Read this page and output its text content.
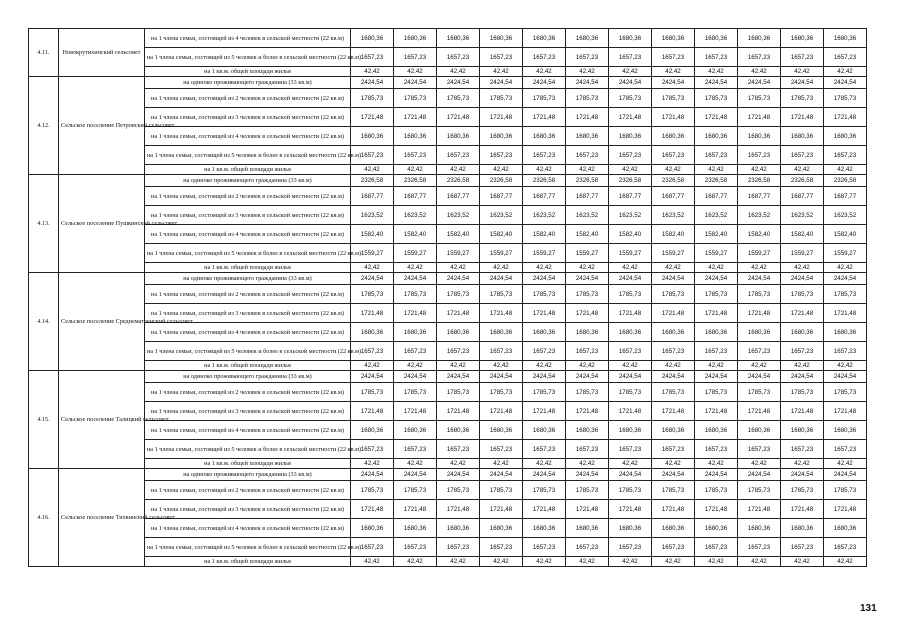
4.11.	Новокрутихинский сельсовет	на 1 члена семьи, состоящей из 4 человек в сельской местности (22 кв.м)	1680,36	1680,36	1680,36	1680,36	1680,36	1680,36	1680,36	1680,36	1680,36	1680,36	1680,36	1680,36
		на 1 члена семьи, состоящей из 5 человек и более в сельской местности (22 кв.м)	1657,23	1657,23	1657,23	1657,23	1657,23	1657,23	1657,23	1657,23	1657,23	1657,23	1657,23	1657,23
		на 1 кв.м. общей площади жилья	42,42	42,42	42,42	42,42	42,42	42,42	42,42	42,42	42,42	42,42	42,42	42,42
4.12.	Сельское поселение Петровский сельсовет	на одиноко проживающего гражданина (33 кв.м)	2424,54	2424,54	2424,54	2424,54	2424,54	2424,54	2424,54	2424,54	2424,54	2424,54	2424,54	2424,54
		на 1 члена семьи, состоящей из 2 человек в сельской местности (22 кв.м)	1785,73	1785,73	1785,73	1785,73	1785,73	1785,73	1785,73	1785,73	1785,73	1785,73	1785,73	1785,73
		на 1 члена семьи, состоящей из 3 человек в сельской местности (22 кв.м)	1721,48	1721,48	1721,48	1721,48	1721,48	1721,48	1721,48	1721,48	1721,48	1721,48	1721,48	1721,48
		на 1 члена семьи, состоящей из 4 человек в сельской местности (22 кв.м)	1680,36	1680,36	1680,36	1680,36	1680,36	1680,36	1680,36	1680,36	1680,36	1680,36	1680,36	1680,36
		на 1 члена семьи, состоящей из 5 человек и более в сельской местности (22 кв.м)	1657,23	1657,23	1657,23	1657,23	1657,23	1657,23	1657,23	1657,23	1657,23	1657,23	1657,23	1657,23
		на 1 кв.м. общей площади жилья	42,42	42,42	42,42	42,42	42,42	42,42	42,42	42,42	42,42	42,42	42,42	42,42
4.13.	Сельское поселение Пушкинский сельсовет	на одиноко проживающего гражданина (33 кв.м)	2326,58	2326,58	2326,58	2326,58	2326,58	2326,58	2326,58	2326,58	2326,58	2326,58	2326,58	2326,58
		на 1 члена семьи, состоящей из 2 человек в сельской местности (22 кв.м)	1687,77	1687,77	1687,77	1687,77	1687,77	1687,77	1687,77	1687,77	1687,77	1687,77	1687,77	1687,77
		на 1 члена семьи, состоящей из 3 человек в сельской местности (22 кв.м)	1623,52	1623,52	1623,52	1623,52	1623,52	1623,52	1623,52	1623,52	1623,52	1623,52	1623,52	1623,52
		на 1 члена семьи, состоящей из 4 человек в сельской местности (22 кв.м)	1582,40	1582,40	1582,40	1582,40	1582,40	1582,40	1582,40	1582,40	1582,40	1582,40	1582,40	1582,40
		на 1 члена семьи, состоящей из 5 человек и более в сельской местности (22 кв.м)	1559,27	1559,27	1559,27	1559,27	1559,27	1559,27	1559,27	1559,27	1559,27	1559,27	1559,27	1559,27
		на 1 кв.м. общей площади жилья	42,42	42,42	42,42	42,42	42,42	42,42	42,42	42,42	42,42	42,42	42,42	42,42
4.14.	Сельское поселение Среднематренский сельсовет	на одиноко проживающего гражданина (33 кв.м)	2424,54	2424,54	2424,54	2424,54	2424,54	2424,54	2424,54	2424,54	2424,54	2424,54	2424,54	2424,54
		на 1 члена семьи, состоящей из 2 человек в сельской местности (22 кв.м)	1785,73	1785,73	1785,73	1785,73	1785,73	1785,73	1785,73	1785,73	1785,73	1785,73	1785,73	1785,73
		на 1 члена семьи, состоящей из 3 человек в сельской местности (22 кв.м)	1721,48	1721,48	1721,48	1721,48	1721,48	1721,48	1721,48	1721,48	1721,48	1721,48	1721,48	1721,48
		на 1 члена семьи, состоящей из 4 человек в сельской местности (22 кв.м)	1680,36	1680,36	1680,36	1680,36	1680,36	1680,36	1680,36	1680,36	1680,36	1680,36	1680,36	1680,36
		на 1 члена семьи, состоящей из 5 человек и более в сельской местности (22 кв.м)	1657,23	1657,23	1657,23	1657,23	1657,23	1657,23	1657,23	1657,23	1657,23	1657,23	1657,23	1657,23
		на 1 кв.м. общей площади жилья	42,42	42,42	42,42	42,42	42,42	42,42	42,42	42,42	42,42	42,42	42,42	42,42
4.15.	Сельское поселение Талицкий сельсовет	на одиноко проживающего гражданина (33 кв.м)	2424,54	2424,54	2424,54	2424,54	2424,54	2424,54	2424,54	2424,54	2424,54	2424,54	2424,54	2424,54
		на 1 члена семьи, состоящей из 2 человек в сельской местности (22 кв.м)	1785,73	1785,73	1785,73	1785,73	1785,73	1785,73	1785,73	1785,73	1785,73	1785,73	1785,73	1785,73
		на 1 члена семьи, состоящей из 3 человек в сельской местности (22 кв.м)	1721,48	1721,48	1721,48	1721,48	1721,48	1721,48	1721,48	1721,48	1721,48	1721,48	1721,48	1721,48
		на 1 члена семьи, состоящей из 4 человек в сельской местности (22 кв.м)	1680,36	1680,36	1680,36	1680,36	1680,36	1680,36	1680,36	1680,36	1680,36	1680,36	1680,36	1680,36
		на 1 члена семьи, состоящей из 5 человек и более в сельской местности (22 кв.м)	1657,23	1657,23	1657,23	1657,23	1657,23	1657,23	1657,23	1657,23	1657,23	1657,23	1657,23	1657,23
		на 1 кв.м. общей площади жилья	42,42	42,42	42,42	42,42	42,42	42,42	42,42	42,42	42,42	42,42	42,42	42,42
4.16.	Сельское поселение Тихвинский сельсовет	на одиноко проживающего гражданина (33 кв.м)	2424,54	2424,54	2424,54	2424,54	2424,54	2424,54	2424,54	2424,54	2424,54	2424,54	2424,54	2424,54
		на 1 члена семьи, состоящей из 2 человек в сельской местности (22 кв.м)	1785,73	1785,73	1785,73	1785,73	1785,73	1785,73	1785,73	1785,73	1785,73	1785,73	1785,73	1785,73
		на 1 члена семьи, состоящей из 3 человек в сельской местности (22 кв.м)	1721,48	1721,48	1721,48	1721,48	1721,48	1721,48	1721,48	1721,48	1721,48	1721,48	1721,48	1721,48
		на 1 члена семьи, состоящей из 4 человек в сельской местности (22 кв.м)	1680,36	1680,36	1680,36	1680,36	1680,36	1680,36	1680,36	1680,36	1680,36	1680,36	1680,36	1680,36
		на 1 члена семьи, состоящей из 5 человек и более в сельской местности (22 кв.м)	1657,23	1657,23	1657,23	1657,23	1657,23	1657,23	1657,23	1657,23	1657,23	1657,23	1657,23	1657,23
		на 1 кв.м. общей площади жилья	42,42	42,42	42,42	42,42	42,42	42,42	42,42	42,42	42,42	42,42	42,42	42,42
131
